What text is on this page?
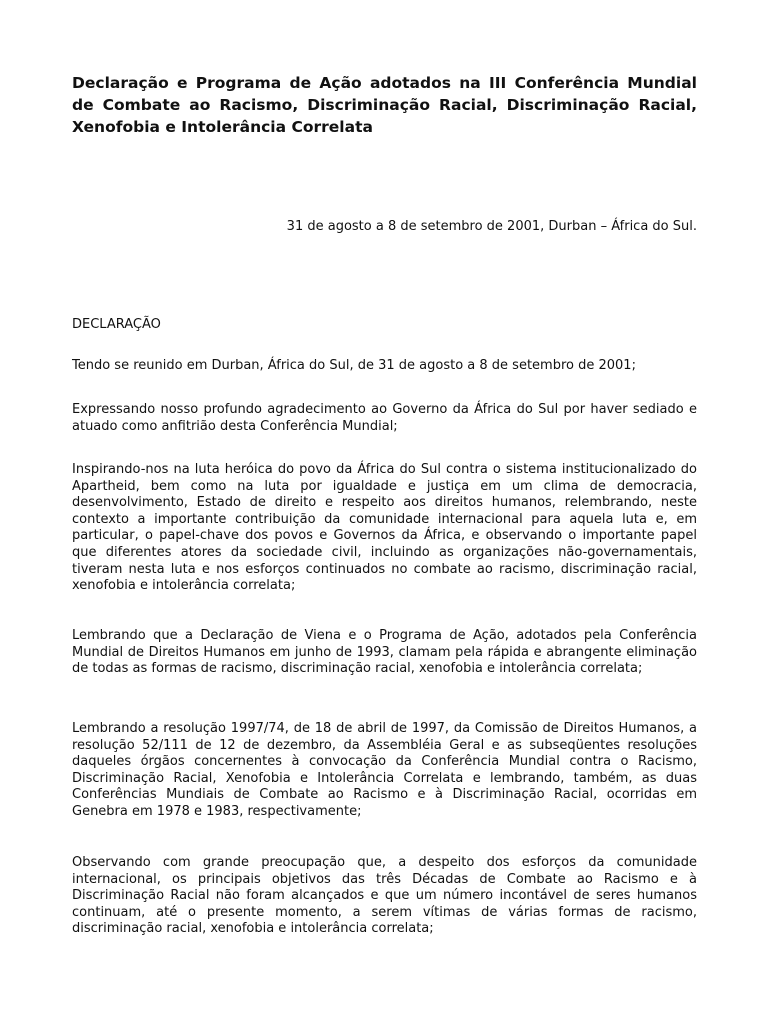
Declaração e Programa de Ação adotados na III Conferência Mundial de Combate ao Racismo, Discriminação Racial, Discriminação Racial, Xenofobia e Intolerância Correlata

31 de agosto a 8 de setembro de 2001, Durban – África do Sul.

DECLARAÇÃO

Tendo se reunido em Durban, África do Sul, de 31 de agosto a 8 de setembro de 2001;

Expressando nosso profundo agradecimento ao Governo da África do Sul por haver sediado e atuado como anfitrião desta Conferência Mundial;

Inspirando-nos na luta heróica do povo da África do Sul contra o sistema institucionalizado do Apartheid, bem como na luta por igualdade e justiça em um clima de democracia, desenvolvimento, Estado de direito e respeito aos direitos humanos, relembrando, neste contexto a importante contribuição da comunidade internacional para aquela luta e, em particular, o papel-chave dos povos e Governos da África, e observando o importante papel que diferentes atores da sociedade civil, incluindo as organizações não-governamentais, tiveram nesta luta e nos esforços continuados no combate ao racismo, discriminação racial, xenofobia e intolerância correlata;

Lembrando que a Declaração de Viena e o Programa de Ação, adotados pela Conferência Mundial de Direitos Humanos em junho de 1993, clamam pela rápida e abrangente eliminação de todas as formas de racismo, discriminação racial, xenofobia e intolerância correlata;

Lembrando a resolução 1997/74, de 18 de abril de 1997, da Comissão de Direitos Humanos, a resolução 52/111 de 12 de dezembro, da Assembléia Geral e as subseqüentes resoluções daqueles órgãos concernentes à convocação da Conferência Mundial contra o Racismo, Discriminação Racial, Xenofobia e Intolerância Correlata e lembrando, também, as duas Conferências Mundiais de Combate ao Racismo e à Discriminação Racial, ocorridas em Genebra em 1978 e 1983, respectivamente;

Observando com grande preocupação que, a despeito dos esforços da comunidade internacional, os principais objetivos das três Décadas de Combate ao Racismo e à Discriminação Racial não foram alcançados e que um número incontável de seres humanos continuam, até o presente momento, a serem vítimas de várias formas de racismo, discriminação racial, xenofobia e intolerância correlata;
